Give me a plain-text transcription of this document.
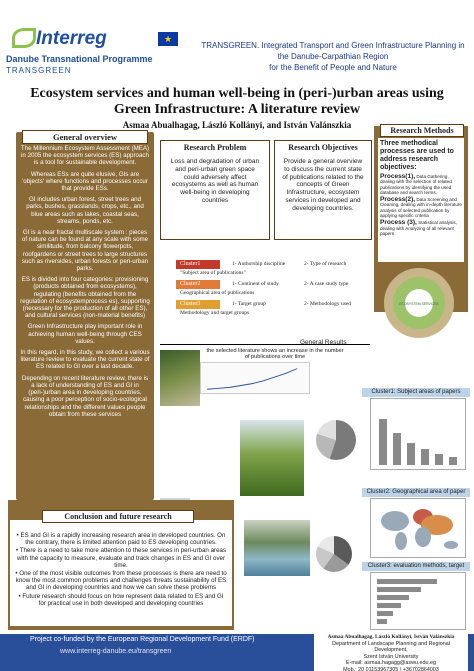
Interreg	★
Danube Transnational Programme
TRANSGREEN
TRANSGREEN. Integrated Transport and Green Infrastructure Planning in the Danube-Carpathian Region
for the Benefit of People and Nature
Ecosystem services and human well-being in (peri-)urban areas using Green Infrastructure: A literature review
Asmaa Abualhagag, László Kollányi, and István Valánszkia
General overview

The Millennium Ecosystem Assessment (MEA) in 2005 the ecosystem services (ES) approach is a tool for sustainable development.

Whereas ESs are quite elusive, GIs are 'objects' where functions and processes occur that provide ESs.

GI includes urban forest, street trees and parks, bushes, grasslands, crops, etc., and blue areas such as lakes, coastal seas, streams, ponds, etc.

GI is a near fractal multiscale system : pieces of nature can be found at any scale with some similitude, from balcony flowerpots, roofgardens or street trees to large structures such as riversides, urban forests or peri-urban parks.

ES is divided into four categories: provisioning (products obtained from ecosystems), regulating (benefits obtained from the regulation of ecosystemprocess es), supporting (necessary for the production of all other ES), and cultural services (non-material benefits)

Green Infrastructure play important role in achieving human well-being through CES values.

In this regard, in this study, we collect a various literature review to evaluate the current state of ES related to GI over a last decade.

Depending on recent literature review, there is a lack of understanding of ES and GI in (peri-)urban area in developing countries, causing a poor perception of socio-ecological relationships and the different values people obtain from these services

Research Problem
Loss and degradation of urban and peri-urban green space could adversely affect ecosystems as well as human well-being in developing countries
Research Objectives
Provide a general overview to discuss the current state of publications related to the concepts of Green Infrastructure, ecosystem services in developed and developing countries.
Research Methods
Three methodical processes are used to address research objectives:
Process(1), Data Gathering, dealing with the selection of related publications by identifying the used database and search terms.
Process(2), Data Screening and Cleaning, dealing with in-depth literature analysis of selected publication by applying specific criteria
Process (3), Statistical analysis, dealing with Analyzing of all relevant papers
ECOSYSTEM SERVICES
Cluster1	1- Authorship discipline	2- Type of research
"Subject area of publications"
Cluster2	1- Continent of study	2- A case study type
Geographical area of publications
Cluster3	1- Target group	2- Methodology used
Methodology and target groups
General Results
the selected literature shows an increase in the number of publications over time
Cluster1: Subject areas of papers
Cluster2: Geographical area of paper
Cluster3: evaluation methods, target
• ES and GI is a rapidly increasing research area in developed countries. On the contrary, there is limited attention paid to ES developing countries.
• There is a need to take more attention to these services in peri-urban areas with the capacity to measure, evaluate and track changes in ES and GI over time.
• One of the most visible outcomes from these processes is there are need to know the most common problems and challenges threats sustainability of ES and GI in developing countries and how we can solve these problems
• Future research should focus on how represent data related to ES and GI for practical use in both developed and developing countries
Conclusion and future research
Project co-funded by the European Regional Development Fund (ERDF)
www.interreg-danube.eu/transgreen
Asmaa Abualhagag, László Kollányi, István Valánszkia
Department of Landscape Planning and Regional Development,
Szent István University
E-mail: asmaa.hagagg@aswu.edu.eg
Mob.: 20 01153967305 / +36702864003
